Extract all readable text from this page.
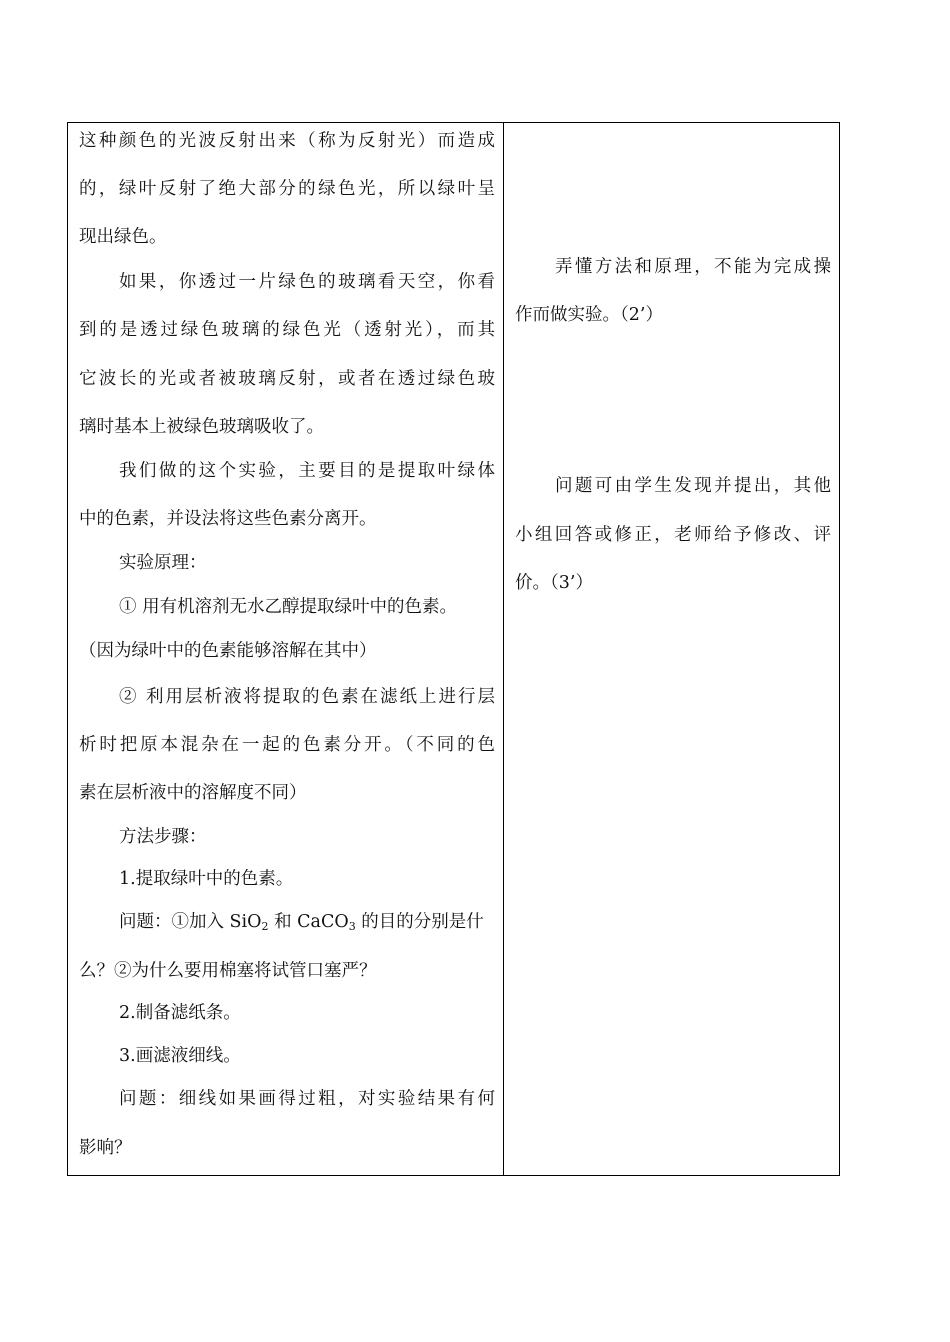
这种颜色的光波反射出来（称为反射光）而造成
的，绿叶反射了绝大部分的绿色光，所以绿叶呈
现出绿色。
如果，你透过一片绿色的玻璃看天空，你看
到的是透过绿色玻璃的绿色光（透射光），而其
它波长的光或者被玻璃反射，或者在透过绿色玻
璃时基本上被绿色玻璃吸收了。
我们做的这个实验，主要目的是提取叶绿体
中的色素，并设法将这些色素分离开。
实验原理：
① 用有机溶剂无水乙醇提取绿叶中的色素。
（因为绿叶中的色素能够溶解在其中）
② 利用层析液将提取的色素在滤纸上进行层
析时把原本混杂在一起的色素分开。（不同的色
素在层析液中的溶解度不同）
方法步骤：
1.提取绿叶中的色素。
问题：①加入 SiO$_2$ 和 CaCO$_3$ 的目的分别是什
么？②为什么要用棉塞将试管口塞严？
2.制备滤纸条。
3.画滤液细线。
问题：细线如果画得过粗，对实验结果有何
影响？
弄懂方法和原理，不能为完成操
作而做实验。（2’）
问题可由学生发现并提出，其他
小组回答或修正，老师给予修改、评
价。（3’）
